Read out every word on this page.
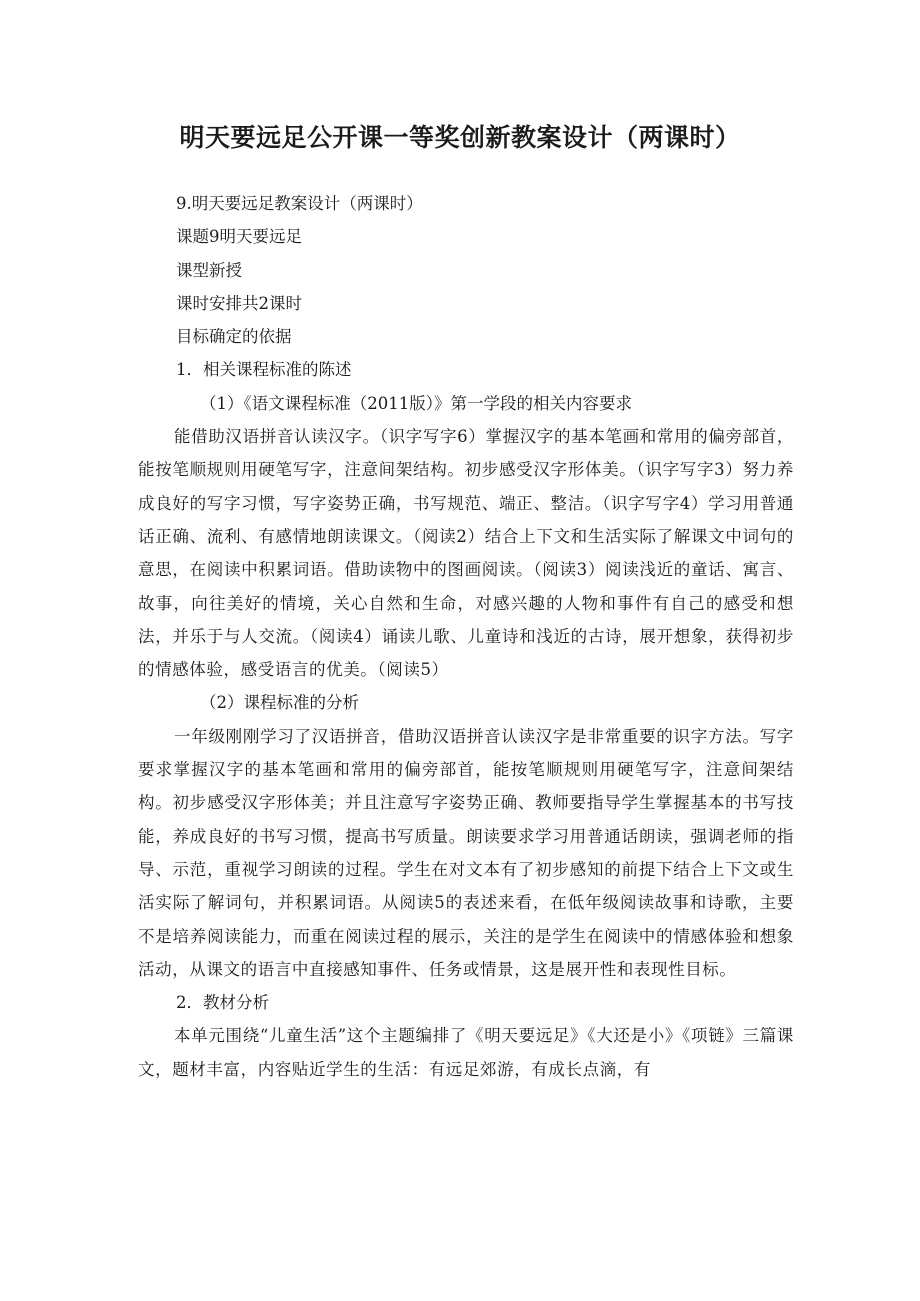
明天要远足公开课一等奖创新教案设计（两课时）

9.明天要远足教案设计（两课时）

课题9明天要远足

课型新授

课时安排共2课时

目标确定的依据

1．相关课程标准的陈述

（1）《语文课程标准（2011版）》第一学段的相关内容要求

能借助汉语拼音认读汉字。（识字写字6）掌握汉字的基本笔画和常用的偏旁部首，能按笔顺规则用硬笔写字，注意间架结构。初步感受汉字形体美。（识字写字3）努力养成良好的写字习惯，写字姿势正确，书写规范、端正、整洁。（识字写字4）学习用普通话正确、流利、有感情地朗读课文。（阅读2）结合上下文和生活实际了解课文中词句的意思，在阅读中积累词语。借助读物中的图画阅读。（阅读3）阅读浅近的童话、寓言、故事，向往美好的情境，关心自然和生命，对感兴趣的人物和事件有自己的感受和想法，并乐于与人交流。（阅读4）诵读儿歌、儿童诗和浅近的古诗，展开想象，获得初步的情感体验，感受语言的优美。（阅读5）

（2）课程标准的分析

一年级刚刚学习了汉语拼音，借助汉语拼音认读汉字是非常重要的识字方法。写字要求掌握汉字的基本笔画和常用的偏旁部首，能按笔顺规则用硬笔写字，注意间架结构。初步感受汉字形体美；并且注意写字姿势正确、教师要指导学生掌握基本的书写技能，养成良好的书写习惯，提高书写质量。朗读要求学习用普通话朗读，强调老师的指导、示范，重视学习朗读的过程。学生在对文本有了初步感知的前提下结合上下文或生活实际了解词句，并积累词语。从阅读5的表述来看，在低年级阅读故事和诗歌，主要不是培养阅读能力，而重在阅读过程的展示，关注的是学生在阅读中的情感体验和想象活动，从课文的语言中直接感知事件、任务或情景，这是展开性和表现性目标。

2．教材分析

本单元围绕“儿童生活”这个主题编排了《明天要远足》《大还是小》《项链》三篇课文，题材丰富，内容贴近学生的生活：有远足郊游，有成长点滴，有
